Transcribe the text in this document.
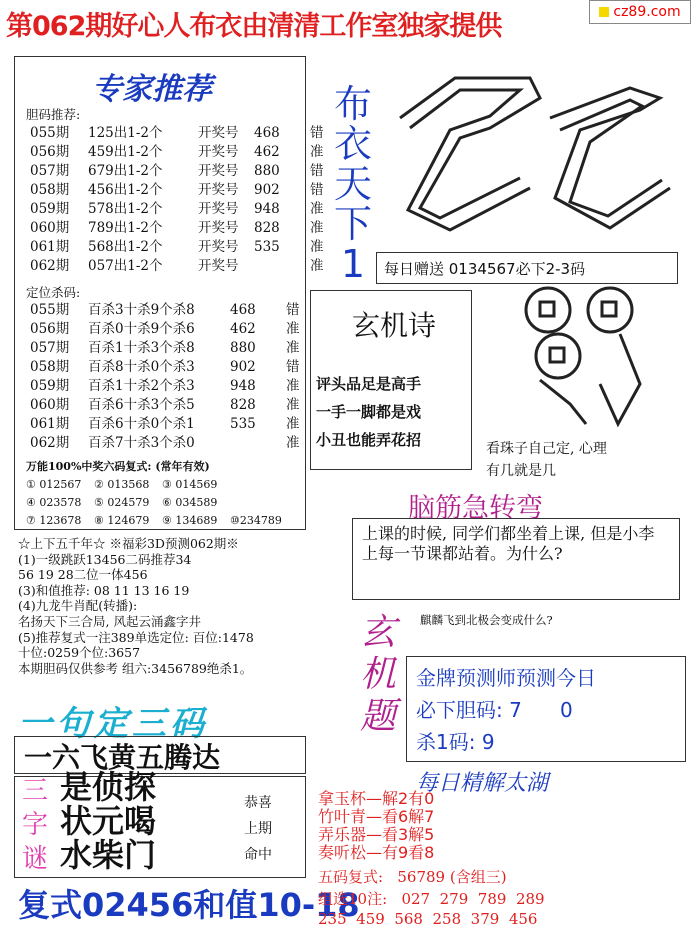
第062期好心人布衣由清清工作室独家提供	cz89.com
专家推荐
胆码推荐:
055期	125出1-2个	开奖号	468	错
056期	459出1-2个	开奖号	462	准
057期	679出1-2个	开奖号	880	错
058期	456出1-2个	开奖号	902	错
059期	578出1-2个	开奖号	948	准
060期	789出1-2个	开奖号	828	准
061期	568出1-2个	开奖号	535	准
062期	057出1-2个	开奖号	准
定位杀码:
055期	百杀3十杀9个杀8	468	错
056期	百杀0十杀9个杀6	462	准
057期	百杀1十杀3个杀8	880	准
058期	百杀8十杀0个杀3	902	错
059期	百杀1十杀2个杀3	948	准
060期	百杀6十杀3个杀5	828	准
061期	百杀6十杀0个杀1	535	准
062期	百杀7十杀3个杀0	准
万能100%中奖六码复式: (常年有效)
① 012567 ② 013568 ③ 014569
④ 023578 ⑤ 024579 ⑥ 034589
⑦ 123678 ⑧ 124679 ⑨ 134689 ⑩234789
☆上下五千年☆ ※福彩3D预测062期※
(1)一级跳跃13456二码推荐34
56 19 28二位一体456
(3)和值推荐: 08 11 13 16 19
(4)九龙牛肖配(转播):
名扬天下三合局, 风起云涌鑫字井
(5)推荐复式一注389单选定位: 百位:1478
十位:0259个位:3657
本期胆码仅供参考 组六:3456789绝杀1。
布
衣
天
下
1	每日赠送 0134567必下2-3码
玄机诗
评头品足是高手
一手一脚都是戏
小丑也能弄花招	看珠子自己定, 心理
有几就是几
脑筋急转弯
上课的时候, 同学们都坐着上课, 但是小李上每一节课都站着。为什么?
玄
机
题
麒麟飞到北极会变成什么?
金牌预测师预测今日
必下胆码: 7      0
杀1码: 9
一句定三码
一六飞黄五腾达
三
字
谜
是侦探
状元喝
水柴门
恭喜
上期
命中
复式02456和值10-18
每日精解太湖
拿玉杯—解2有0
竹叶青—看6解7
弄乐器—看3解5
奏听松—有9看8
五码复式:   56789 (含组三)
组选10注:   027  279  789  289
235  459  568  258  379  456
